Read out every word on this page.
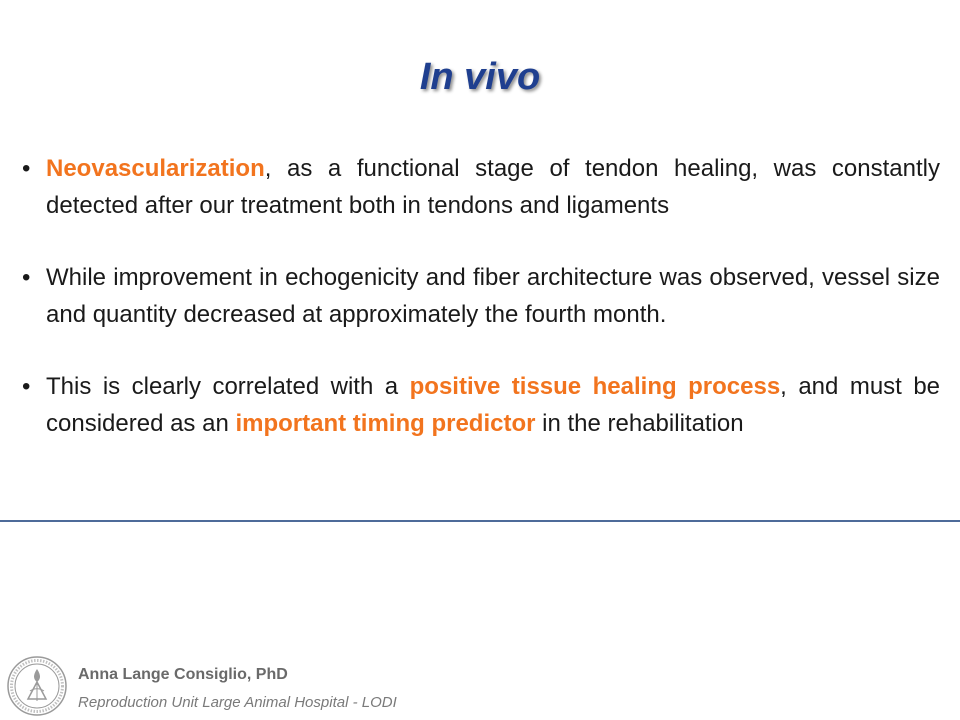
In vivo
• Neovascularization, as a functional stage of tendon healing, was constantly detected after our treatment both in tendons and ligaments
• While improvement in echogenicity and fiber architecture was observed, vessel size and quantity decreased at approximately the fourth month.
• This is clearly correlated with a positive tissue healing process, and must be considered as an important timing predictor in the rehabilitation
Anna Lange Consiglio, PhD
Reproduction Unit Large Animal Hospital - LODI
